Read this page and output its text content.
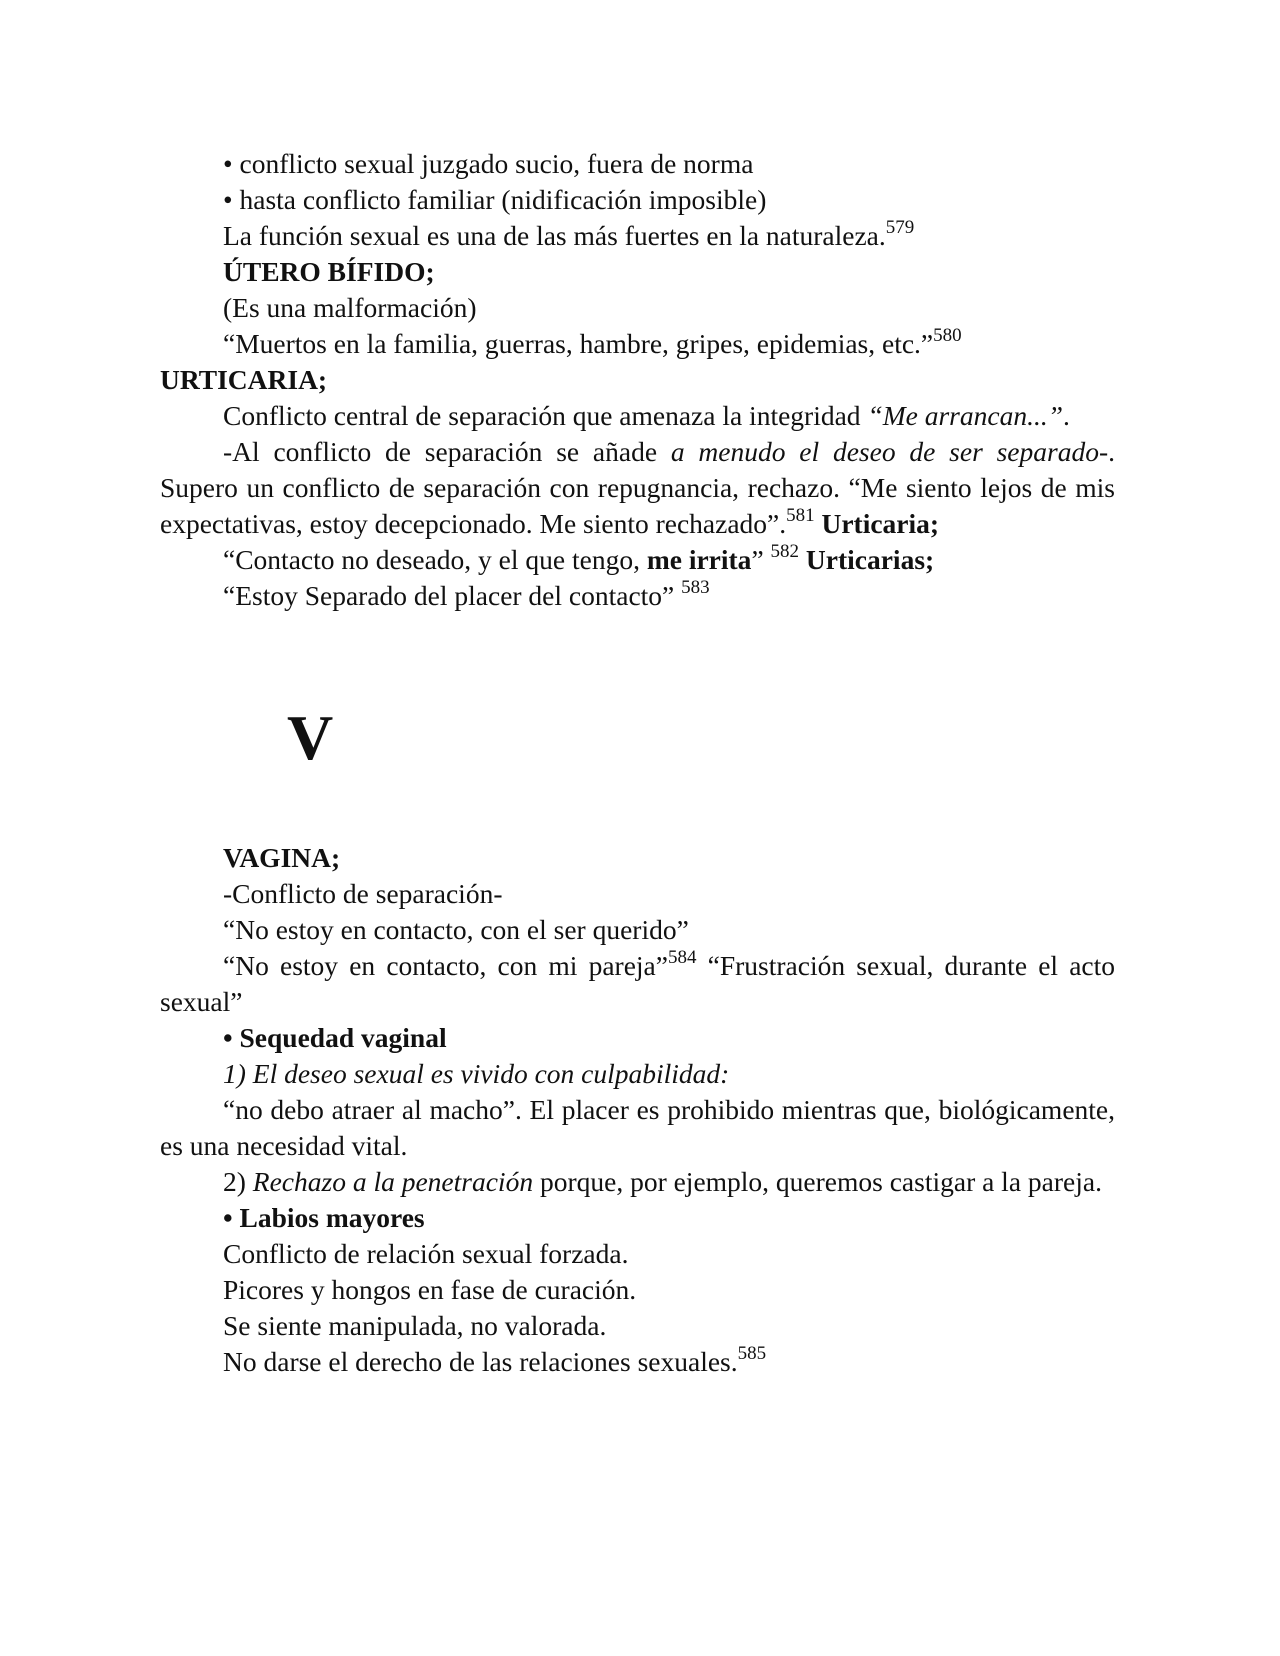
• conflicto sexual juzgado sucio, fuera de norma

• hasta conflicto familiar (nidificación imposible)

La función sexual es una de las más fuertes en la naturaleza.$^{579}$

ÚTERO BÍFIDO;

(Es una malformación)

“Muertos en la familia, guerras, hambre, gripes, epidemias, etc.”$^{580}$

URTICARIA;

Conflicto central de separación que amenaza la integridad “Me arrancan...”.

-Al conflicto de separación se añade a menudo el deseo de ser separado-. Supero un conflicto de separación con repugnancia, rechazo. “Me siento lejos de mis expectativas, estoy decepcionado. Me siento rechazado”.$^{581}$ Urticaria;

“Contacto no deseado, y el que tengo, me irrita” $^{582}$ Urticarias;

“Estoy Separado del placer del contacto” $^{583}$

V

VAGINA;

-Conflicto de separación-

“No estoy en contacto, con el ser querido”

“No estoy en contacto, con mi pareja”$^{584}$ “Frustración sexual, durante el acto sexual”

• Sequedad vaginal

1) El deseo sexual es vivido con culpabilidad:

“no debo atraer al macho”. El placer es prohibido mientras que, biológicamente, es una necesidad vital.

2) Rechazo a la penetración porque, por ejemplo, queremos castigar a la pareja.

• Labios mayores

Conflicto de relación sexual forzada.

Picores y hongos en fase de curación.

Se siente manipulada, no valorada.

No darse el derecho de las relaciones sexuales.$^{585}$
